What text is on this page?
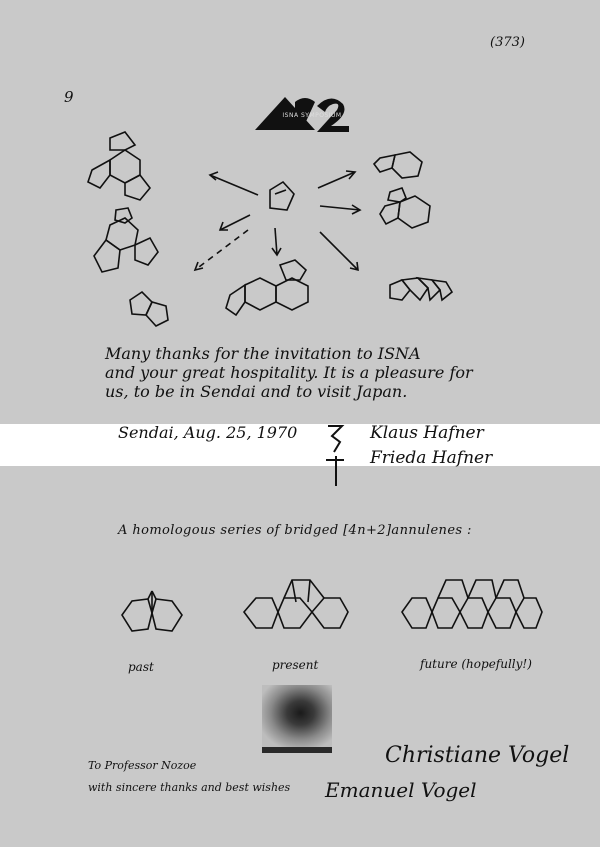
(373)
9
ISNA SYMPOSIUM
Many thanks for the invitation to ISNA
and your great hospitality. It is a pleasure for
us, to be in Sendai and to visit Japan.
Sendai, Aug. 25, 1970	Klaus Hafner
Frieda Hafner
A homologous series of bridged [4n+2]annulenes :
past	present	future (hopefully!)
To Professor Nozoe
with sincere thanks and best wishes
Christiane Vogel
Emanuel Vogel
